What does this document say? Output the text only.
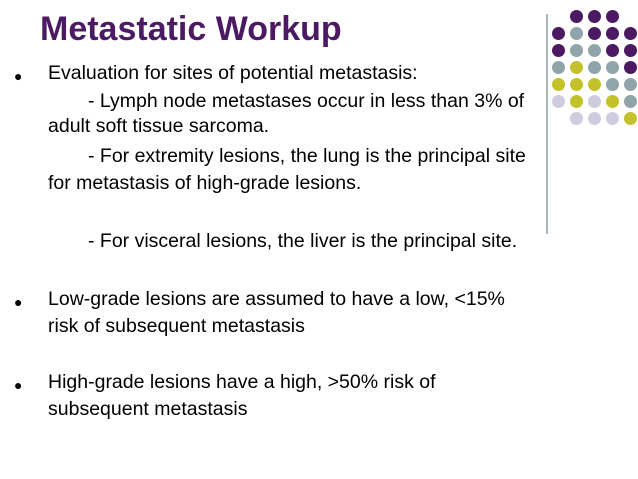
Metastatic Workup
● Evaluation for sites of potential metastasis:
- Lymph node metastases occur in less than 3% of
adult soft tissue sarcoma.
- For extremity lesions, the lung is the principal site
for metastasis of high-grade lesions.
- For visceral lesions, the liver is the principal site.
● Low-grade lesions are assumed to have a low, <15%
risk of subsequent metastasis
● High-grade lesions have a high, >50% risk of
subsequent metastasis
